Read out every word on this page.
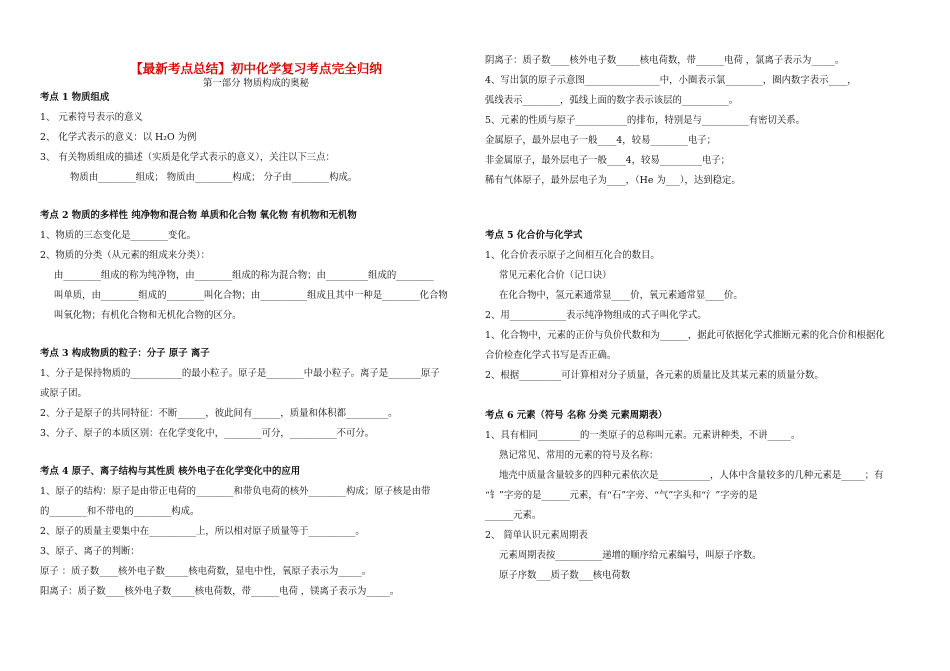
【最新考点总结】初中化学复习考点完全归纳
第一部分 物质构成的奥秘
考点 1 物质组成
1、 元素符号表示的意义
2、 化学式表示的意义：以 H₂O 为例
3、 有关物质组成的描述（实质是化学式表示的意义），关注以下三点：
物质由________组成； 物质由________构成； 分子由________构成。
考点 2 物质的多样性 纯净物和混合物 单质和化合物 氧化物 有机物和无机物
1、物质的三态变化是________变化。
2、物质的分类（从元素的组成来分类）：
由________组成的称为纯净物，由________组成的称为混合物；由_________组成的________
叫单质，由________组成的________叫化合物；由__________组成且其中一种是________化合物
叫氧化物；有机化合物和无机化合物的区分。
考点 3 构成物质的粒子：分子 原子 离子
1、分子是保持物质的___________的最小粒子。原子是________中最小粒子。离子是_______原子
或原子团。
2、分子是原子的共同特征：不断______，彼此间有______，质量和体积都_________。
3、分子、原子的本质区别：在化学变化中，________可分，__________不可分。
考点 4 原子、离子结构与其性质 核外电子在化学变化中的应用
1、原子的结构：原子是由带正电荷的________和带负电荷的核外________构成；原子核是由带
的________和不带电的________构成。
2、原子的质量主要集中在__________上，所以相对原子质量等于__________。
3、原子、离子的判断：
原子 ：质子数____核外电子数_____核电荷数，显电中性，氧原子表示为_____。
阳离子：质子数____核外电子数_____核电荷数，带______电荷 ，镁离子表示为_____。
阴离子：质子数____核外电子数_____核电荷数，带______电荷 ，氯离子表示为_____。
4、写出氯的原子示意图________________中，小圈表示氯________，圈内数字表示____，
弧线表示________，弧线上面的数字表示该层的__________。
5、元素的性质与原子___________的排布，特别是与__________有密切关系。
金属原子，最外层电子一般____4，较易________电子；
非金属原子，最外层电子一般____4，较易_________电子；
稀有气体原子，最外层电子为____，（He 为___），达到稳定。
考点 5 化合价与化学式
1、化合价表示原子之间相互化合的数目。
常见元素化合价（记口诀）
在化合物中，氢元素通常显____价，氧元素通常显____价。
2、用____________表示纯净物组成的式子叫化学式。
1、化合物中，元素的正价与负价代数和为______，据此可依据化学式推断元素的化合价和根据化
合价检查化学式书写是否正确。
2、根据_________可计算相对分子质量，各元素的质量比及其某元素的质量分数。
考点 6 元素（符号 名称 分类 元素周期表）
1、具有相同_________的一类原子的总称叫元素。元素讲种类，不讲_____。
熟记常见、常用的元素的符号及名称：
地壳中质量含量较多的四种元素依次是___________，人体中含量较多的几种元素是_____；有
“钅”字旁的是______元素，有“石”字旁、“气”字头和“氵”字旁的是
______元素。
2、 简单认识元素周期表
元素周期表按__________递增的顺序给元素编号，叫原子序数。
原子序数___质子数___核电荷数
